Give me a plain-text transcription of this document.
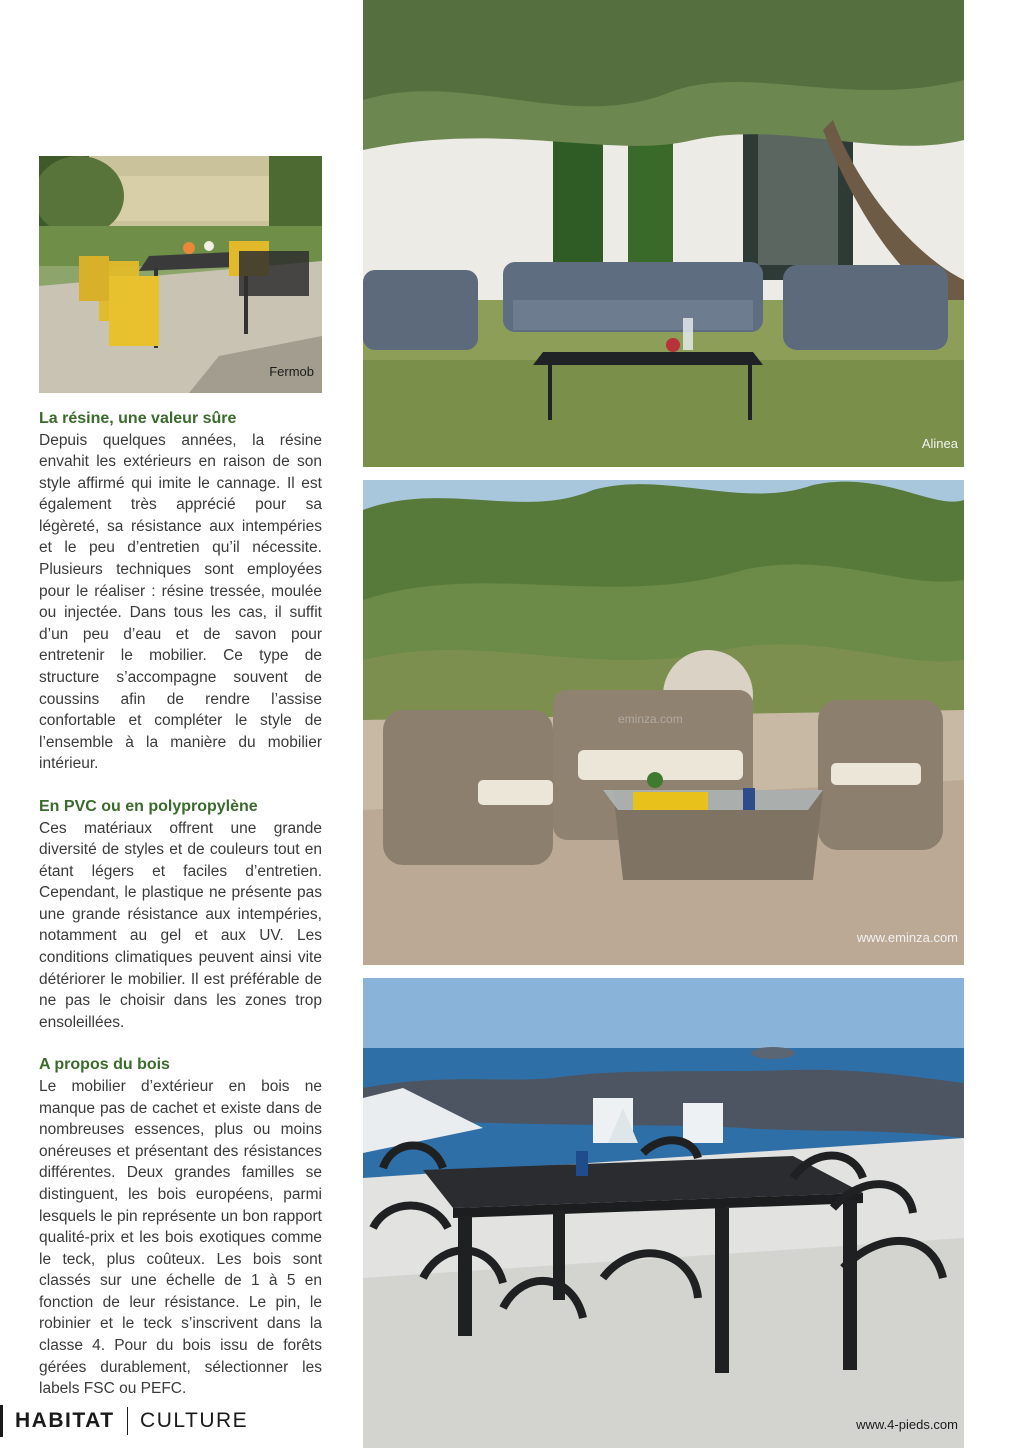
Fermob
Alinea
eminza.com
www.eminza.com
www.4-pieds.com
La résine, une valeur sûre

Depuis quelques années, la résine envahit les extérieurs en raison de son style affirmé qui imite le cannage. Il est également très apprécié pour sa légèreté, sa résistance aux intempéries et le peu d’entretien qu’il nécessite. Plusieurs techniques sont employées pour le réaliser : résine tressée, moulée ou injectée. Dans tous les cas, il suffit d’un peu d’eau et de savon pour entretenir le mobilier. Ce type de structure s’accompagne souvent de coussins afin de rendre l’assise confortable et compléter le style de l’ensemble à la manière du mobilier intérieur.

En PVC ou en polypropylène

Ces matériaux offrent une grande diversité de styles et de couleurs tout en étant légers et faciles d’entretien. Cependant, le plastique ne présente pas une grande résistance aux intempéries, notamment au gel et aux UV. Les conditions climatiques peuvent ainsi vite détériorer le mobilier. Il est préférable de ne pas le choisir dans les zones trop ensoleillées.

A propos du bois

Le mobilier d’extérieur en bois ne manque pas de cachet et existe dans de nombreuses essences, plus ou moins onéreuses et présentant des résistances différentes. Deux grandes familles se distinguent, les bois européens, parmi lesquels le pin représente un bon rapport qualité-prix et les bois exotiques comme le teck, plus coûteux. Les bois sont classés sur une échelle de 1 à 5 en fonction de leur résistance. Le pin, le robinier et le teck s’inscrivent dans la classe 4. Pour du bois issu de forêts gérées durablement, sélectionner les labels FSC ou PEFC.

HABITAT CULTURE
